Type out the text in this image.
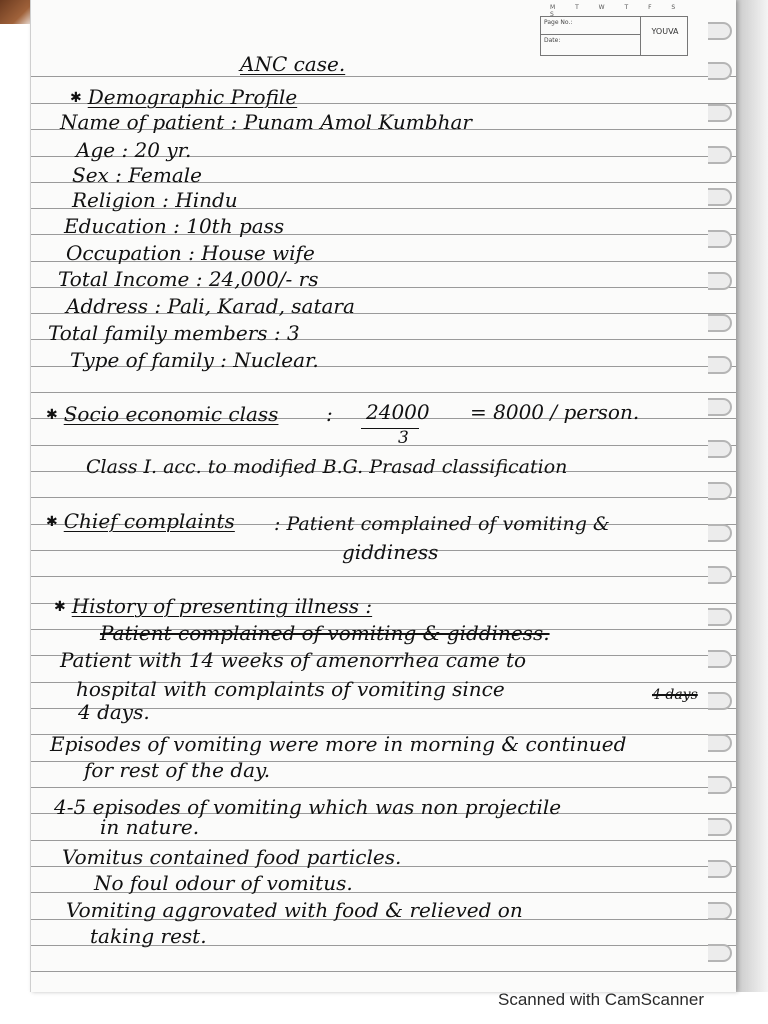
M T W T F S S
Page No.:
Date:
YOUVA
ANC case.
✱ Demographic Profile
Name of patient : Punam Amol Kumbhar
Age : 20 yr.
Sex : Female
Religion : Hindu
Education : 10th pass
Occupation : House wife
Total Income : 24,000/- rs
Address : Pali, Karad, satara
Total family members : 3
Type of family : Nuclear.
✱ Socio economic class : 24000
3
= 8000 / person.
Class I. acc. to modified B.G. Prasad classification
✱ Chief complaints : Patient complained of vomiting &
giddiness
✱ History of presenting illness :
Patient complained of vomiting & giddiness.
Patient with 14 weeks of amenorrhea came to
hospital with complaints of vomiting since	4 days
4 days.
Episodes of vomiting were more in morning & continued
for rest of the day.
4-5 episodes of vomiting which was non projectile
in nature.
Vomitus contained food particles.
No foul odour of vomitus.
Vomiting aggrovated with food & relieved on
taking rest.
Scanned with CamScanner
